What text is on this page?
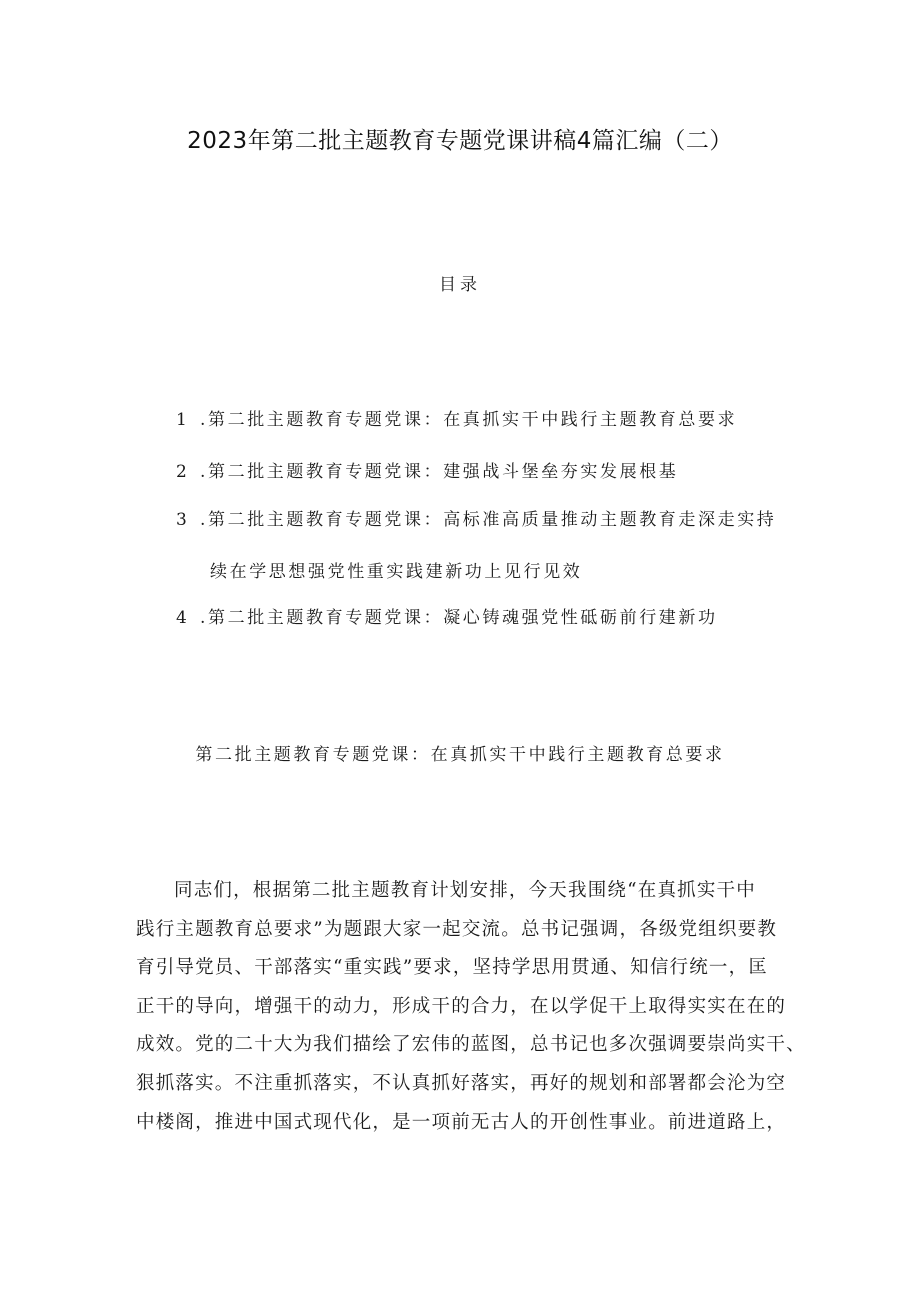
2023年第二批主题教育专题党课讲稿4篇汇编（二）
目录
1 .第二批主题教育专题党课：在真抓实干中践行主题教育总要求
2 .第二批主题教育专题党课：建强战斗堡垒夯实发展根基
3 .第二批主题教育专题党课：高标准高质量推动主题教育走深走实持
续在学思想强党性重实践建新功上见行见效
4 .第二批主题教育专题党课：凝心铸魂强党性砥砺前行建新功
第二批主题教育专题党课：在真抓实干中践行主题教育总要求
同志们，根据第二批主题教育计划安排，今天我围绕“在真抓实干中
践行主题教育总要求”为题跟大家一起交流。总书记强调，各级党组织要教
育引导党员、干部落实“重实践”要求，坚持学思用贯通、知信行统一，匡
正干的导向，增强干的动力，形成干的合力，在以学促干上取得实实在在的
成效。党的二十大为我们描绘了宏伟的蓝图，总书记也多次强调要崇尚实干、
狠抓落实。不注重抓落实，不认真抓好落实，再好的规划和部署都会沦为空
中楼阁，推进中国式现代化，是一项前无古人的开创性事业。前进道路上，
